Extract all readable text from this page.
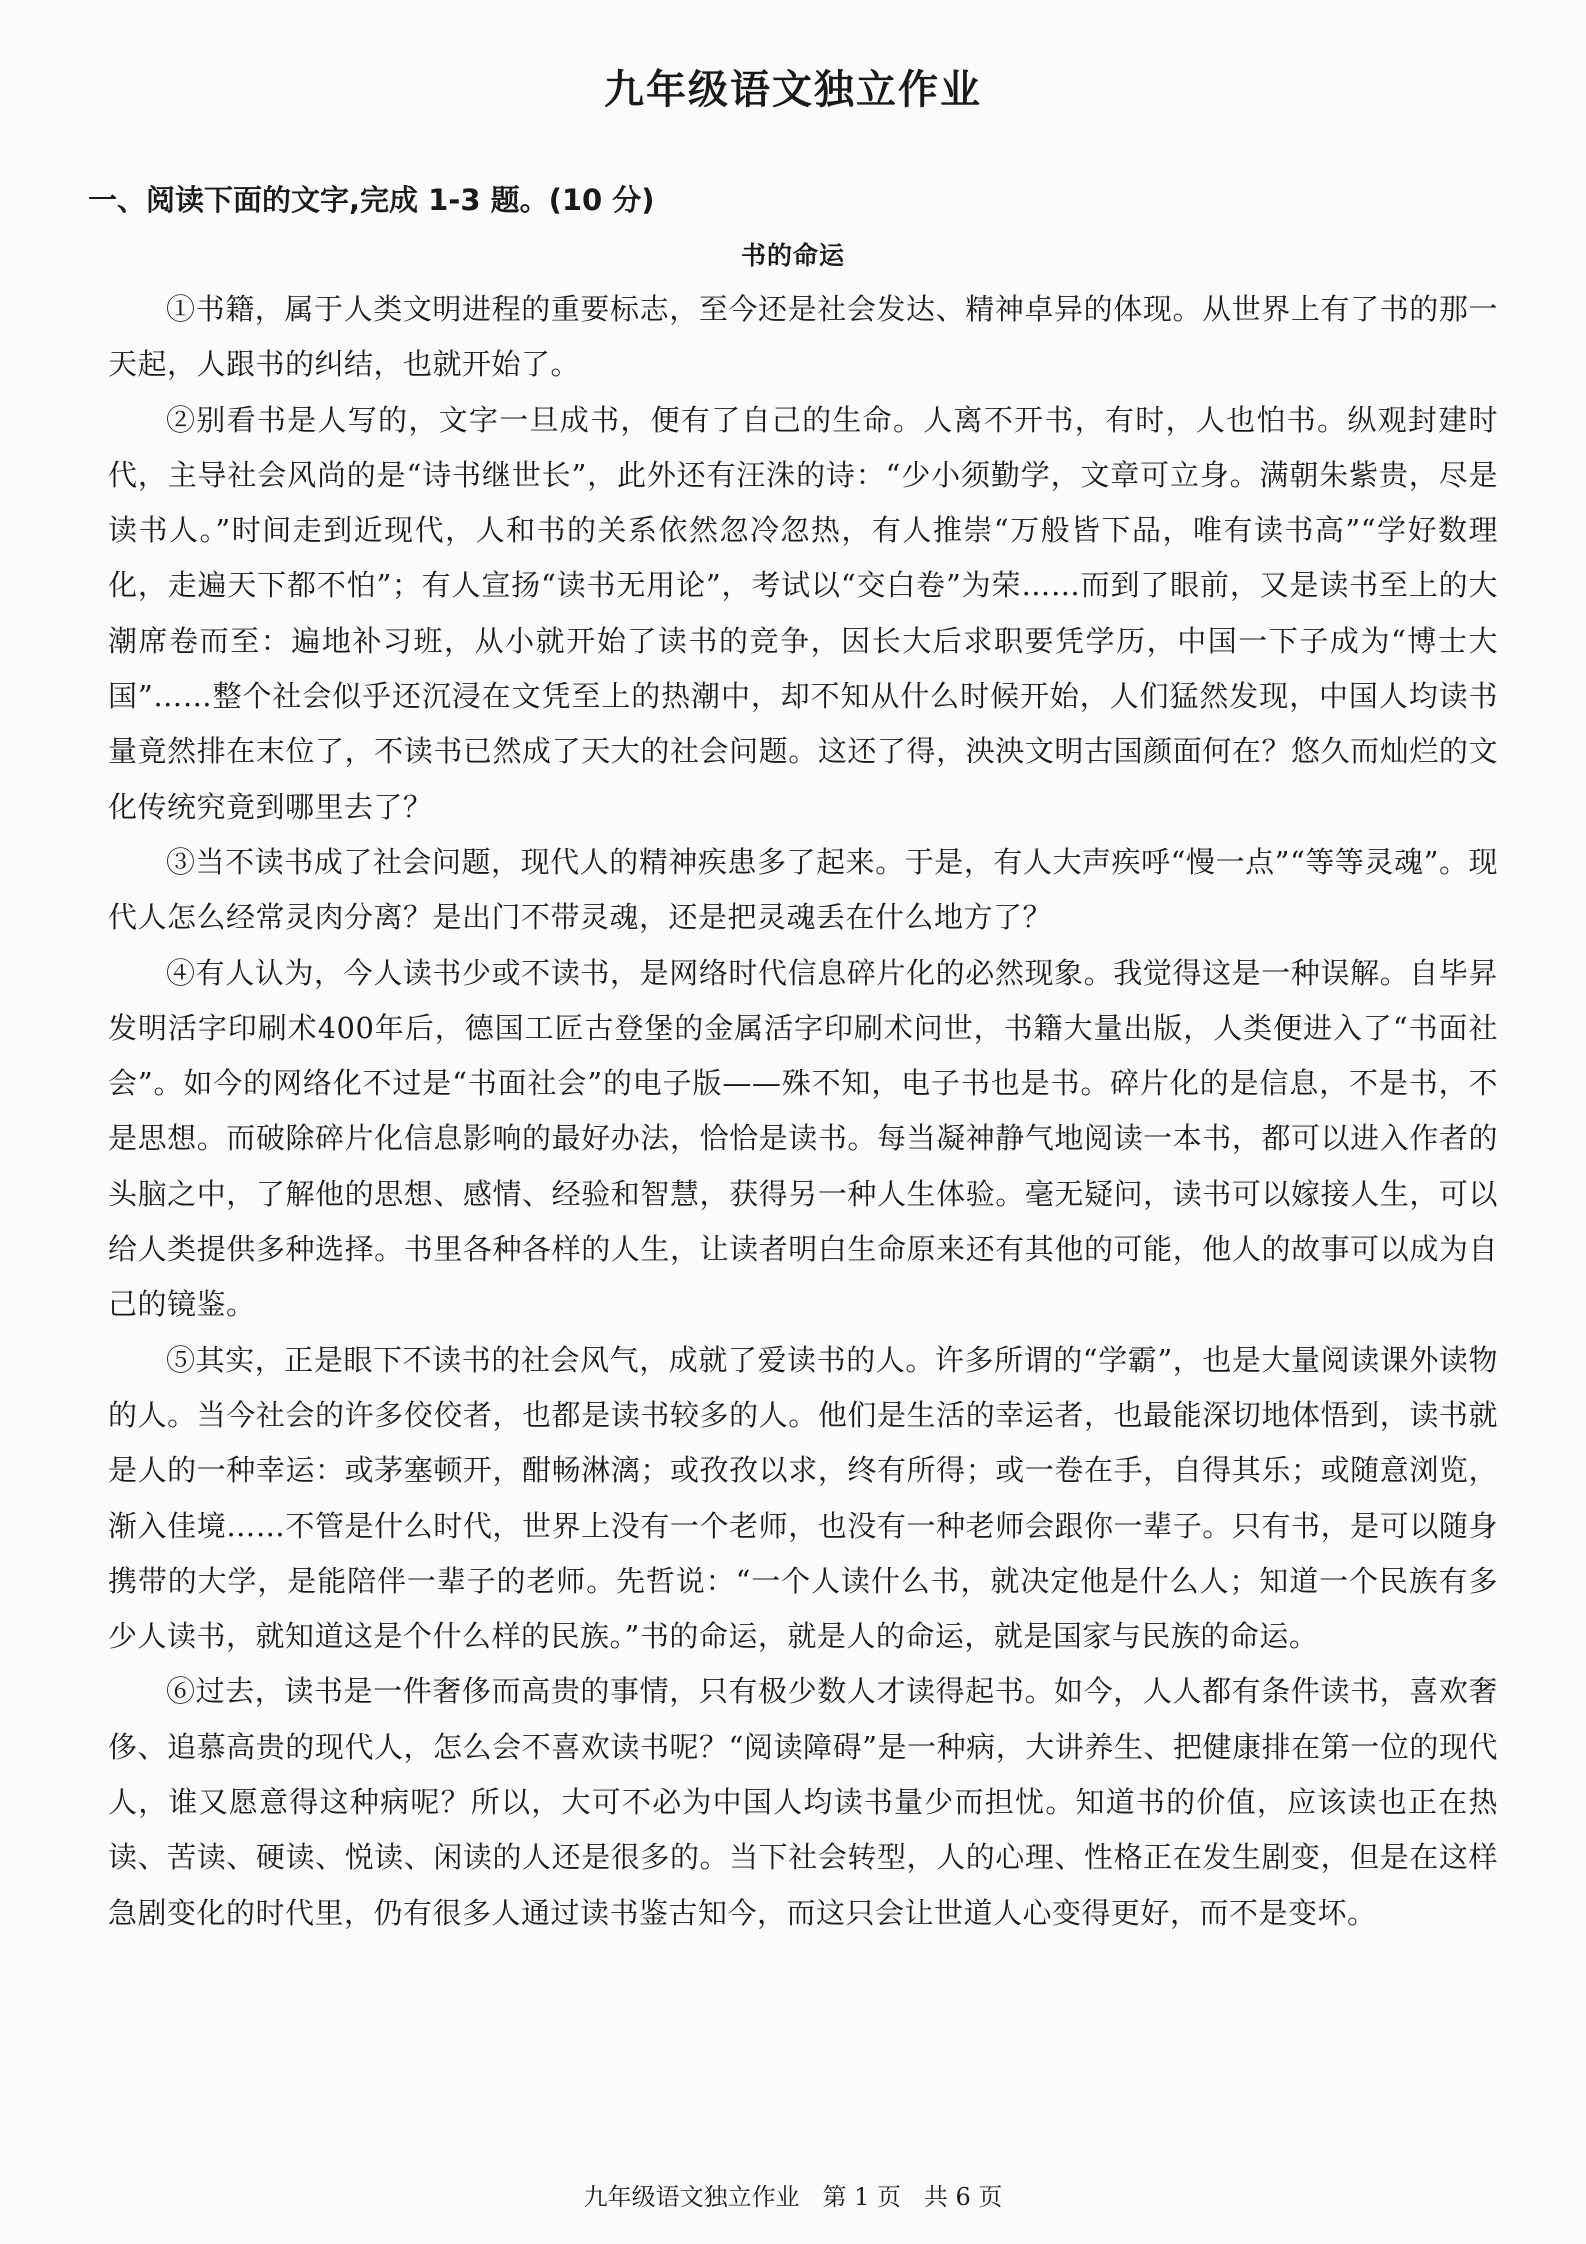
九年级语文独立作业
一、阅读下面的文字,完成 1-3 题。(10 分)
书的命运

①书籍，属于人类文明进程的重要标志，至今还是社会发达、精神卓异的体现。从世界上有了书的那一天起，人跟书的纠结，也就开始了。

②别看书是人写的，文字一旦成书，便有了自己的生命。人离不开书，有时，人也怕书。纵观封建时代，主导社会风尚的是“诗书继世长”，此外还有汪洙的诗：“少小须勤学，文章可立身。满朝朱紫贵，尽是读书人。”时间走到近现代，人和书的关系依然忽冷忽热，有人推崇“万般皆下品，唯有读书高”“学好数理化，走遍天下都不怕”；有人宣扬“读书无用论”，考试以“交白卷”为荣……而到了眼前，又是读书至上的大潮席卷而至：遍地补习班，从小就开始了读书的竞争，因长大后求职要凭学历，中国一下子成为“博士大国”……整个社会似乎还沉浸在文凭至上的热潮中，却不知从什么时候开始，人们猛然发现，中国人均读书量竟然排在末位了，不读书已然成了天大的社会问题。这还了得，泱泱文明古国颜面何在？悠久而灿烂的文化传统究竟到哪里去了？

③当不读书成了社会问题，现代人的精神疾患多了起来。于是，有人大声疾呼“慢一点”“等等灵魂”。现代人怎么经常灵肉分离？是出门不带灵魂，还是把灵魂丢在什么地方了？

④有人认为，今人读书少或不读书，是网络时代信息碎片化的必然现象。我觉得这是一种误解。自毕昇发明活字印刷术400年后，德国工匠古登堡的金属活字印刷术问世，书籍大量出版，人类便进入了“书面社会”。如今的网络化不过是“书面社会”的电子版——殊不知，电子书也是书。碎片化的是信息，不是书，不是思想。而破除碎片化信息影响的最好办法，恰恰是读书。每当凝神静气地阅读一本书，都可以进入作者的头脑之中，了解他的思想、感情、经验和智慧，获得另一种人生体验。毫无疑问，读书可以嫁接人生，可以给人类提供多种选择。书里各种各样的人生，让读者明白生命原来还有其他的可能，他人的故事可以成为自己的镜鉴。

⑤其实，正是眼下不读书的社会风气，成就了爱读书的人。许多所谓的“学霸”，也是大量阅读课外读物的人。当今社会的许多佼佼者，也都是读书较多的人。他们是生活的幸运者，也最能深切地体悟到，读书就是人的一种幸运：或茅塞顿开，酣畅淋漓；或孜孜以求，终有所得；或一卷在手，自得其乐；或随意浏览，渐入佳境……不管是什么时代，世界上没有一个老师，也没有一种老师会跟你一辈子。只有书，是可以随身携带的大学，是能陪伴一辈子的老师。先哲说：“一个人读什么书，就决定他是什么人；知道一个民族有多少人读书，就知道这是个什么样的民族。”书的命运，就是人的命运，就是国家与民族的命运。

⑥过去，读书是一件奢侈而高贵的事情，只有极少数人才读得起书。如今，人人都有条件读书，喜欢奢侈、追慕高贵的现代人，怎么会不喜欢读书呢？“阅读障碍”是一种病，大讲养生、把健康排在第一位的现代人，谁又愿意得这种病呢？所以，大可不必为中国人均读书量少而担忧。知道书的价值，应该读也正在热读、苦读、硬读、悦读、闲读的人还是很多的。当下社会转型，人的心理、性格正在发生剧变，但是在这样急剧变化的时代里，仍有很多人通过读书鉴古知今，而这只会让世道人心变得更好，而不是变坏。

九年级语文独立作业   第 1 页   共 6 页
